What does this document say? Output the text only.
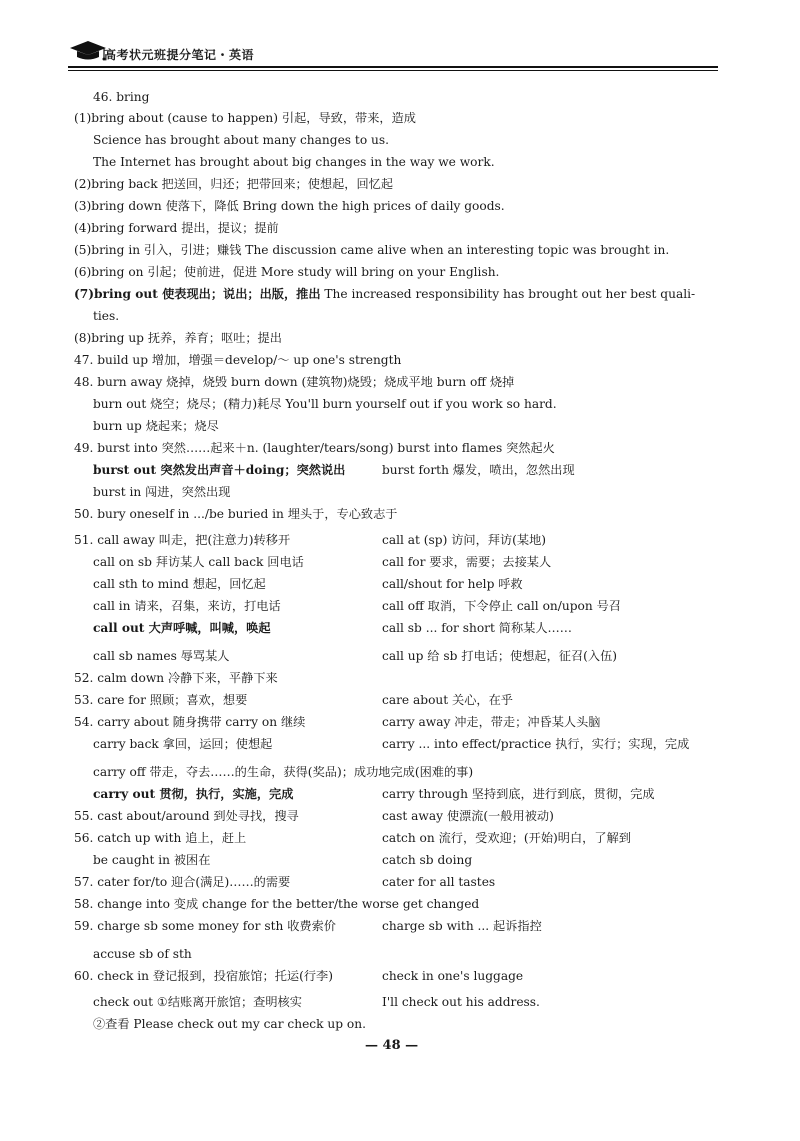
高考状元班提分笔记・英语
46. bring
(1)bring about (cause to happen) 引起，导致，带来，造成
Science has brought about many changes to us.
The Internet has brought about big changes in the way we work.
(2)bring back 把送回，归还；把带回来；使想起，回忆起
(3)bring down 使落下，降低 Bring down the high prices of daily goods.
(4)bring forward 提出，提议；提前
(5)bring in 引入，引进；赚钱 The discussion came alive when an interesting topic was brought in.
(6)bring on 引起；使前进，促进 More study will bring on your English.
(7)bring out 使表现出；说出；出版，推出 The increased responsibility has brought out her best quali-
ties.
(8)bring up 抚养，养育；呕吐；提出
47. build up 增加，增强＝develop/～ up one's strength
48. burn away 烧掉，烧毁 burn down (建筑物)烧毁；烧成平地 burn off 烧掉
burn out 烧空；烧尽；(精力)耗尽 You'll burn yourself out if you work so hard.
burn up 烧起来；烧尽
49. burst into 突然……起来＋n. (laughter/tears/song) burst into flames 突然起火
burst out 突然发出声音＋doing；突然说出	burst forth 爆发，喷出，忽然出现
burst in 闯进，突然出现
50. bury oneself in .../be buried in 埋头于，专心致志于
51. call away 叫走，把(注意力)转移开	call at (sp) 访问，拜访(某地)
call on sb 拜访某人 call back 回电话	call for 要求，需要；去接某人
call sth to mind 想起，回忆起	call/shout for help 呼救
call in 请来，召集，来访，打电话	call off 取消，下令停止 call on/upon 号召
call out 大声呼喊，叫喊，唤起	call sb ... for short 简称某人……
call sb names 辱骂某人	call up 给 sb 打电话；使想起，征召(入伍)
52. calm down 冷静下来，平静下来
53. care for 照顾；喜欢，想要	care about 关心，在乎
54. carry about 随身携带 carry on 继续	carry away 冲走，带走；冲昏某人头脑
carry back 拿回，运回；使想起	carry ... into effect/practice 执行，实行；实现，完成
carry off 带走，夺去……的生命，获得(奖品)；成功地完成(困难的事)
carry out 贯彻，执行，实施，完成	carry through 坚持到底，进行到底，贯彻，完成
55. cast about/around 到处寻找，搜寻	cast away 使漂流(一般用被动)
56. catch up with 追上，赶上	catch on 流行，受欢迎；(开始)明白，了解到
be caught in 被困在	catch sb doing
57. cater for/to 迎合(满足)……的需要	cater for all tastes
58. change into 变成 change for the better/the worse get changed
59. charge sb some money for sth 收费索价	charge sb with ... 起诉指控
accuse sb of sth
60. check in 登记报到，投宿旅馆；托运(行李)	check in one's luggage
check out ①结账离开旅馆；查明核实	I'll check out his address.
②查看 Please check out my car check up on.
— 48 —
